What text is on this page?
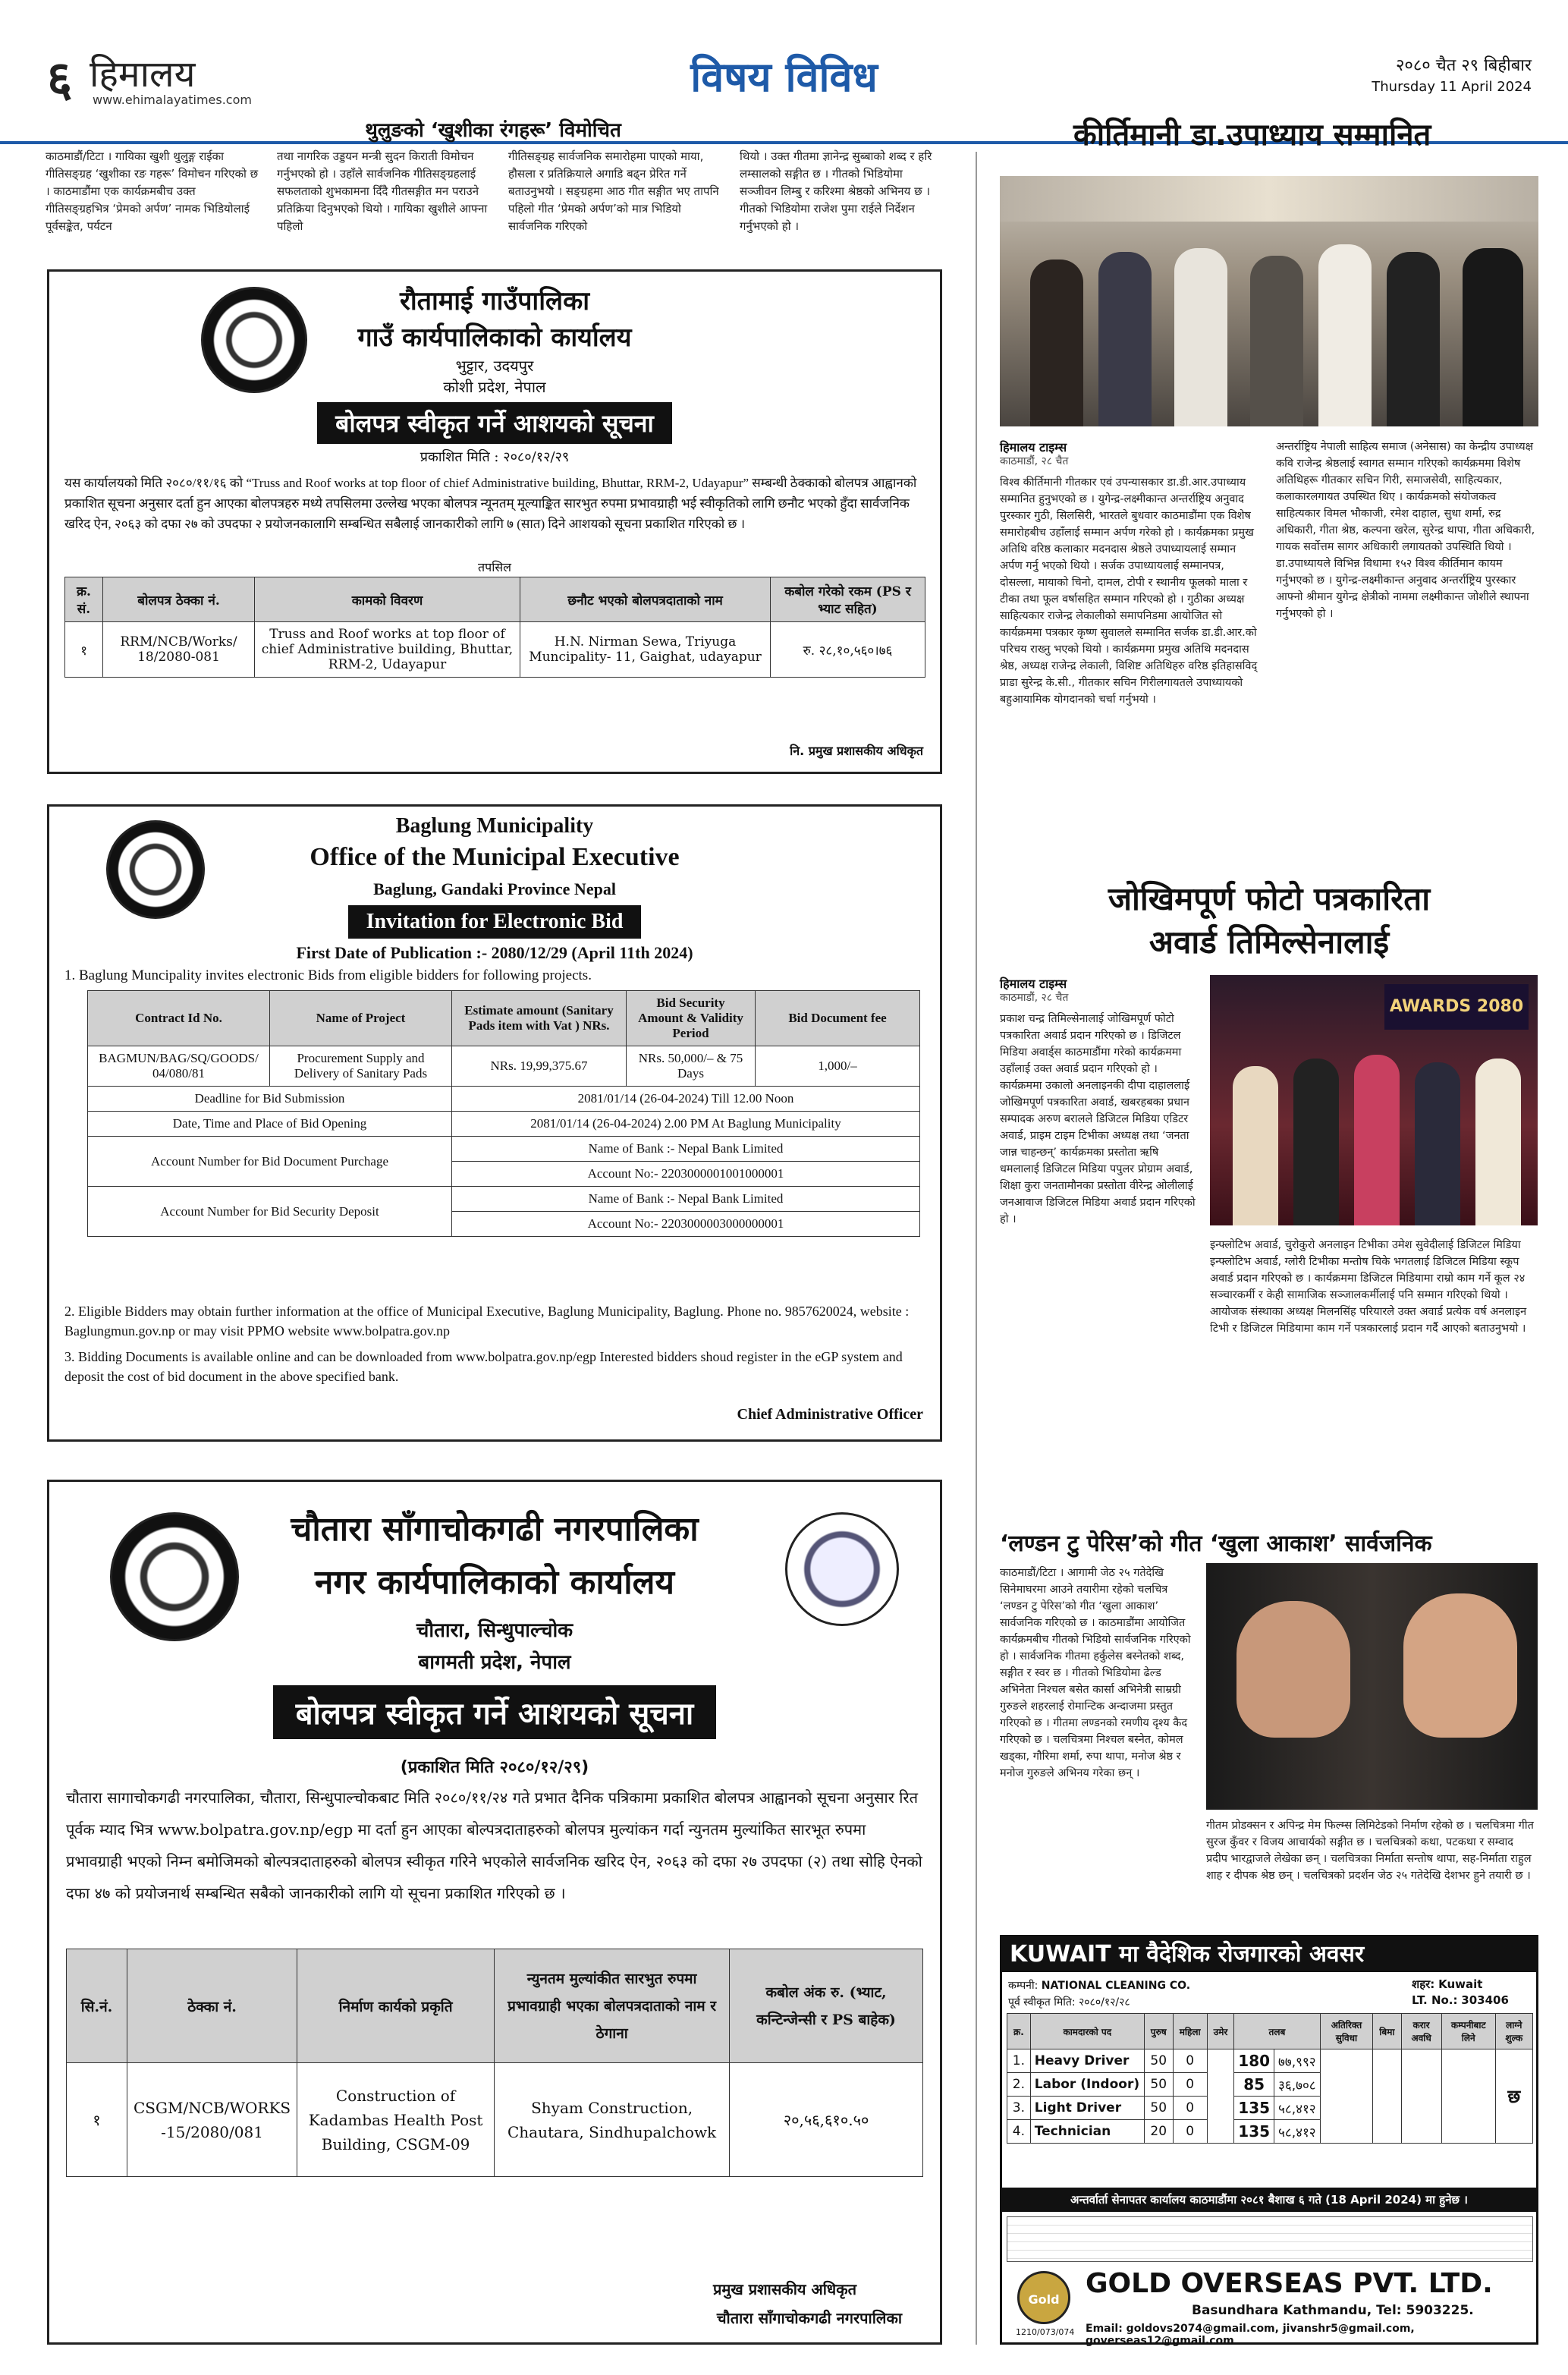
६ हिमालय
www.ehimalayatimes.com	विषय विविध	२०८० चैत २९ बिहीबार
Thursday 11 April 2024
थुलुङको ‘खुशीका रंगहरू’ विमोचित
काठमाडौं/टिटा । गायिका खुशी थुलुङ्ग राईका गीतिसङ्ग्रह ‘खुशीका रङ गहरू’ विमोचन गरिएको छ । काठमाडौंमा एक कार्यक्रमबीच उक्त गीतिसङ्ग्रहभित्र ‘प्रेमको अर्पण’ नामक भिडियोलाई पूर्वसङ्केत, पर्यटन
तथा नागरिक उड्डयन मन्त्री सुदन किराती विमोचन गर्नुभएको हो । उहाँले सार्वजनिक गीतिसङ्ग्रहलाई सफलताको शुभकामना दिँदै गीतसङ्गीत मन पराउने प्रतिक्रिया दिनुभएको थियो । गायिका खुशीले आफ्ना पहिलो
गीतिसङ्ग्रह सार्वजनिक समारोहमा पाएको माया, हौसला र प्रतिक्रियाले अगाडि बढ्न प्रेरित गर्ने बताउनुभयो । सङ्ग्रहमा आठ गीत सङ्गीत भए तापनि पहिलो गीत ‘प्रेमको अर्पण’को मात्र भिडियो सार्वजनिक गरिएको
थियो । उक्त गीतमा ज्ञानेन्द्र सुब्बाको शब्द र हरि लम्सालको सङ्गीत छ । गीतको भिडियोमा सञ्जीवन लिम्बु र करिश्मा श्रेष्ठको अभिनय छ । गीतको भिडियोमा राजेश पुमा राईले निर्देशन गर्नुभएको हो ।
रौतामाई गाउँपालिका
गाउँ कार्यपालिकाको कार्यालय
भुट्टार, उदयपुर
कोशी प्रदेश, नेपाल
बोलपत्र स्वीकृत गर्ने आशयको सूचना
प्रकाशित मिति : २०८०/१२/२९
यस कार्यालयको मिति २०८०/११/१६ को “Truss and Roof works at top floor of chief Administrative building, Bhuttar, RRM-2, Udayapur” सम्बन्धी ठेक्काको बोलपत्र आह्वानको प्रकाशित सूचना अनुसार दर्ता हुन आएका बोलपत्रहरु मध्ये तपसिलमा उल्लेख भएका बोलपत्र न्यूनतम् मूल्याङ्कित सारभुत रुपमा प्रभावग्राही भई स्वीकृतिको लागि छनौट भएको हुँदा सार्वजनिक खरिद ऐन, २०६३ को दफा २७ को उपदफा २ प्रयोजनकालागि सम्बन्धित सबैलाई जानकारीको लागि ७ (सात) दिने आशयको सूचना प्रकाशित गरिएको छ ।
तपसिल
क्र. सं.	बोलपत्र ठेक्का नं.	कामको विवरण	छनौट भएको बोलपत्रदाताको नाम	कबोल गरेको रकम (PS र भ्याट सहित)
१	RRM/NCB/Works/ 18/2080-081	Truss and Roof works at top floor of chief Administrative building, Bhuttar, RRM-2, Udayapur	H.N. Nirman Sewa, Triyuga Muncipality- 11, Gaighat, udayapur	रु. २८,१०,५६०।७६
नि. प्रमुख प्रशासकीय अधिकृत
Baglung Municipality
Office of the Municipal Executive
Baglung, Gandaki Province Nepal
Invitation for Electronic Bid
First Date of Publication :- 2080/12/29 (April 11th 2024)
1. Baglung Muncipality invites electronic Bids from eligible bidders for following projects.
Contract Id No.	Name of Project	Estimate amount (Sanitary Pads item with Vat ) NRs.	Bid Security Amount & Validity Period	Bid Document fee
BAGMUN/BAG/SQ/GOODS/ 04/080/81	Procurement Supply and Delivery of Sanitary Pads	NRs. 19,99,375.67	NRs. 50,000/– & 75 Days	1,000/–
Deadline for Bid Submission		2081/01/14 (26-04-2024) Till 12.00 Noon		
Date, Time and Place of Bid Opening		2081/01/14 (26-04-2024) 2.00 PM At Baglung Municipality		
Account Number for Bid Document Purchage		Name of Bank :- Nepal Bank Limited		
		Account No:- 2203000001001000001		
Account Number for Bid Security Deposit		Name of Bank :- Nepal Bank Limited		
		Account No:- 2203000003000000001		
2. Eligible Bidders may obtain further information at the office of Municipal Executive, Baglung Municipality, Baglung. Phone no. 9857620024, website : Baglungmun.gov.np or may visit PPMO website www.bolpatra.gov.np
3. Bidding Documents is available online and can be downloaded from www.bolpatra.gov.np/egp Interested bidders shoud register in the eGP system and deposit the cost of bid document in the above specified bank.
Chief Administrative Officer
चौतारा साँगाचोकगढी नगरपालिका
नगर कार्यपालिकाको कार्यालय
चौतारा, सिन्धुपाल्चोक
बागमती प्रदेश, नेपाल
बोलपत्र स्वीकृत गर्ने आशयको सूचना
(प्रकाशित मिति २०८०/१२/२९)
चौतारा सागाचोकगढी नगरपालिका, चौतारा, सिन्धुपाल्चोकबाट मिति २०८०/११/२४ गते प्रभात दैनिक पत्रिकामा प्रकाशित बोलपत्र आह्वानको सूचना अनुसार रित पूर्वक म्याद भित्र www.bolpatra.gov.np/egp मा दर्ता हुन आएका बोल्पत्रदाताहरुको बोलपत्र मुल्यांकन गर्दा न्युनतम मुल्यांकित सारभूत रुपमा प्रभावग्राही भएको निम्न बमोजिमको बोल्पत्रदाताहरुको बोलपत्र स्वीकृत गरिने भएकोले सार्वजनिक खरिद ऐन, २०६३ को दफा २७ उपदफा (२) तथा सोहि ऐनको दफा ४७ को प्रयोजनार्थ सम्बन्धित सबैको जानकारीको लागि यो सूचना प्रकाशित गरिएको छ ।
सि.नं.	ठेक्का नं.	निर्माण कार्यको प्रकृति	न्युनतम मुल्यांकीत सारभुत रुपमा प्रभावग्राही भएका बोलपत्रदाताको नाम र ठेगाना	कबोल अंक रु. (भ्याट, कन्टिन्जेन्सी र PS बाहेक)
१	CSGM/NCB/WORKS -15/2080/081	Construction of Kadambas Health Post Building, CSGM-09	Shyam Construction, Chautara, Sindhupalchowk	२०,५६,६१०.५०
प्रमुख प्रशासकीय अधिकृत
चौतारा साँगाचोकगढी नगरपालिका
कीर्तिमानी डा.उपाध्याय सम्मानित
हिमालय टाइम्स
काठमाडौं, २८ चैत
विश्व कीर्तिमानी गीतकार एवं उपन्यासकार डा.डी.आर.उपाध्याय सम्मानित हुनुभएको छ । युगेन्द्र-लक्ष्मीकान्त अन्तर्राष्ट्रिय अनुवाद पुरस्कार गुठी, सिलसिरी, भारतले बुधवार काठमाडौंमा एक विशेष समारोहबीच उहाँलाई सम्मान अर्पण गरेको हो । कार्यक्रमका प्रमुख अतिथि वरिष्ठ कलाकार मदनदास श्रेष्ठले उपाध्यायलाई सम्मान अर्पण गर्नु भएको थियो । सर्जक उपाध्यायलाई सम्मानपत्र, दोसल्ला, मायाको चिनो, दामल, टोपी र स्थानीय फूलको माला र टीका तथा फूल वर्षासहित सम्मान गरिएको हो । गुठीका अध्यक्ष साहित्यकार राजेन्द्र लेकालीको समापनिडमा आयोजित सो कार्यक्रममा पत्रकार कृष्ण सुवालले सम्मानित सर्जक डा.डी.आर.को परिचय राख्नु भएको थियो । कार्यक्रममा प्रमुख अतिथि मदनदास श्रेष्ठ, अध्यक्ष राजेन्द्र लेकाली, विशिष्ट अतिथिहरु वरिष्ठ इतिहासविद् प्राडा सुरेन्द्र के.सी., गीतकार सचिन गिरीलगायतले उपाध्यायको बहुआयामिक योगदानको चर्चा गर्नुभयो ।
अन्तर्राष्ट्रिय नेपाली साहित्य समाज (अनेसास) का केन्द्रीय उपाध्यक्ष कवि राजेन्द्र श्रेष्ठलाई स्वागत सम्मान गरिएको कार्यक्रममा विशेष अतिथिहरू गीतकार सचिन गिरी, समाजसेवी, साहित्यकार, कलाकारलगायत उपस्थित थिए । कार्यक्रमको संयोजकत्व साहित्यकार विमल भौकाजी, रमेश दाहाल, सुधा शर्मा, रुद्र अधिकारी, गीता श्रेष्ठ, कल्पना खरेल, सुरेन्द्र थापा, गीता अधिकारी, गायक सर्वोत्तम सागर अधिकारी लगायतको उपस्थिति थियो । डा.उपाध्यायले विभिन्न विधामा १५२ विश्व कीर्तिमान कायम गर्नुभएको छ । युगेन्द्र-लक्ष्मीकान्त अनुवाद अन्तर्राष्ट्रिय पुरस्कार आफ्नो श्रीमान युगेन्द्र क्षेत्रीको नाममा लक्ष्मीकान्त जोशीले स्थापना गर्नुभएको हो ।
जोखिमपूर्ण फोटो पत्रकारिता
अवार्ड तिमिल्सेनालाई
हिमालय टाइम्स
काठमाडौं, २८ चैत	AWARDS 2080
प्रकाश चन्द्र तिमिल्सेनालाई जोखिमपूर्ण फोटो पत्रकारिता अवार्ड प्रदान गरिएको छ । डिजिटल मिडिया अवार्ड्स काठमाडौंमा गरेको कार्यक्रममा उहाँलाई उक्त अवार्ड प्रदान गरिएको हो । कार्यक्रममा उकालो अनलाइनकी दीपा दाहाललाई जोखिमपूर्ण पत्रकारिता अवार्ड, खबरहबका प्रधान सम्पादक अरुण बरालले डिजिटल मिडिया एडिटर अवार्ड, प्राइम टाइम टिभीका अध्यक्ष तथा ‘जनता जान्न चाहन्छन्’ कार्यक्रमका प्रस्तोता ऋषि धमलालाई डिजिटल मिडिया पपुलर प्रोग्राम अवार्ड, शिक्षा कुरा जनतामौनका प्रस्तोता वीरेन्द्र ओलीलाई जनआवाज डिजिटल मिडिया अवार्ड प्रदान गरिएको हो ।
इन्फ्लोटिभ अवार्ड, चुरोकुरो अनलाइन टिभीका उमेश सुवेदीलाई डिजिटल मिडिया इन्फ्लोटिभ अवार्ड, ग्लोरी टिभीका मन्तोष चिके भगतलाई डिजिटल मिडिया स्कूप अवार्ड प्रदान गरिएको छ । कार्यक्रममा डिजिटल मिडियामा राम्रो काम गर्ने कूल २४ सञ्चारकर्मी र केही सामाजिक सञ्जालकर्मीलाई पनि सम्मान गरिएको थियो । आयोजक संस्थाका अध्यक्ष मिलनसिंह परियारले उक्त अवार्ड प्रत्येक वर्ष अनलाइन टिभी र डिजिटल मिडियामा काम गर्ने पत्रकारलाई प्रदान गर्दै आएको बताउनुभयो ।
‘लण्डन टु पेरिस’को गीत ‘खुला आकाश’ सार्वजनिक
काठमाडौं/टिटा । आगामी जेठ २५ गतेदेखि सिनेमाघरमा आउने तयारीमा रहेको चलचित्र ‘लण्डन टु पेरिस’को गीत ‘खुला आकाश’ सार्वजनिक गरिएको छ । काठमाडौंमा आयोजित कार्यक्रमबीच गीतको भिडियो सार्वजनिक गरिएको हो । सार्वजनिक गीतमा हर्कुलेस बस्नेतको शब्द, सङ्गीत र स्वर छ । गीतको भिडियोमा ढेल्ड अभिनेता निश्चल बसेत कार्सा अभिनेत्री साम्रग्री गुरुङले शहरलाई रोमान्टिक अन्दाजमा प्रस्तुत गरिएको छ । गीतमा लण्डनको रमणीय दृश्य कैद गरिएको छ । चलचित्रमा निश्चल बस्नेत, कोमल खड्का, गौरिमा शर्मा, रुपा थापा, मनोज श्रेष्ठ र मनोज गुरुङले अभिनय गरेका छन् ।
गीतम प्रोडक्सन र अपिन्द्र मेम फिल्म्स लिमिटेडको निर्माण रहेको छ । चलचित्रमा गीत सुरज कुँवर र विजय आचार्यको सङ्गीत छ । चलचित्रको कथा, पटकथा र सम्वाद प्रदीप भारद्वाजले लेखेका छन् । चलचित्रका निर्माता सन्तोष थापा, सह-निर्माता राहुल शाह र दीपक श्रेष्ठ छन् । चलचित्रको प्रदर्शन जेठ २५ गतेदेखि देशभर हुने तयारी छ ।
KUWAIT मा वैदेशिक रोजगारको अवसर
शहर: Kuwait
कम्पनी: NATIONAL CLEANING CO.
LT. No.: 303406
पूर्व स्वीकृत मिति: २०८०/१२/२८
क्र.	कामदारको पद	पुरुष	महिला	उमेर	तलब		अतिरिक्त सुविधा	बिमा	करार अवधि	कम्पनीबाट लिने	लाग्ने शुल्क
1.	Heavy Driver	50	0		180	७७,९९२					छ
2.	Labor (Indoor)	50	0		85	३६,७०८					
3.	Light Driver	50	0		135	५८,४१२					
4.	Technician	20	0		135	५८,४१२					
अन्तर्वार्ता सेनापतर कार्यालय काठमाडौंमा २०८१ बैशाख ६ गते (18 April 2024) मा हुनेछ ।
Gold
1210/073/074
GOLD OVERSEAS PVT. LTD.
Basundhara Kathmandu, Tel: 5903225.
Email: goldovs2074@gmail.com, jivanshr5@gmail.com, goverseas12@gmail.com
